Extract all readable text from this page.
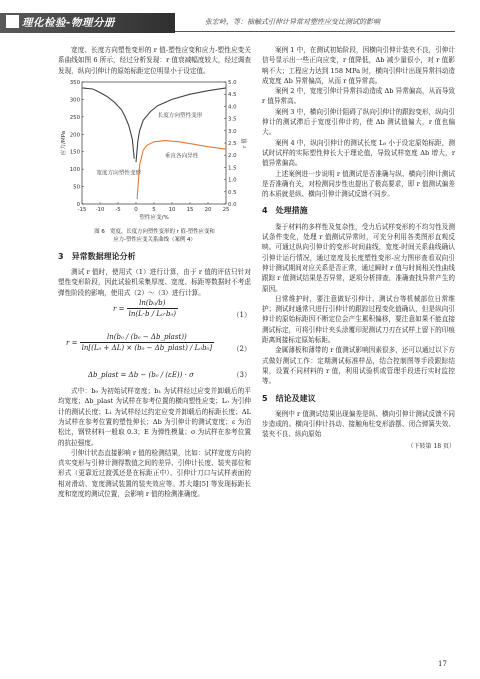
理化检验-物理分册	张宏岭，等：抽触式引伸计异常对塑性应变比测试的影响

宽度、长度方向塑性变形的 r 值-塑性应变和应力-塑性应变关系曲线如图 6 所示，经过分析发现：r 值衰减幅度较大，经过调查发现，纵向引伸计的原始标距定位明显小于设定值。

-15 -10 -5	0	5 10 15 20 25
0
50
100
150
200
250
300
350
0.0
0.5
1.0
1.5
2.0
2.5
3.0
3.5
4.0
4.5
5.0
塑性应变/%
应力/MPa	r 值
宽度方向塑性变形
长度方向塑性变形
垂直各向异性

图 6　宽度、长度方向塑性变形的 r 值-塑性应变和
应力-塑性应变关系曲线（案例 4）

3　异常数据理论分析

测试 r 值时，使用式（1）进行计算，由于 r 值的评估只针对塑性变形阶段，因此试验机采集厚度、宽度、标距等数据时不考虑弹性阶段的影响，使用式（2）～（3）进行计算。

$r = \frac{\text{ln(b₀/b)}}{\text{ln(L·b / L₀·b₀)}}$	（1）
$r = \frac{\text{ln(b₀ / (b₀ − Δb\_plast))}}{\text{ln[(L₀ + ΔL) × (b₀ − Δb\_plast) / L₀b₀]}}$	（2）
Δb_plast = Δb − (b₀ / (εE)) · σ	（3）

式中：b₀ 为初始试样宽度；b₁ 为试样经过应变并卸载后的平均宽度；Δb_plast 为试样在参考位置的横向塑性应变；L₀ 为引伸计的测试长度；L₁ 为试样经过约定应变并卸载后的标距长度；ΔL 为试样在参考位置的塑性伸长；Δb 为引伸计的测试宽度；ε 为泊松比，钢铁材料一般取 0.3；E 为弹性模量；σ 为试样在参考位置的抗拉强度。

引伸计状态直接影响 r 值的检测结果，比如：试样宽度方向的真实变形与引伸计测得数值之间的差异、引伸计长度、装夹部位和形式（更靠近过渡弧还是在标距正中）、引伸计刀口与试样表面的相对滑动、宽度测试装置的装夹效应等。苏大雄[5] 等发现标距长度和宽度的测试位置，会影响 r 值的检测准确度。

案例 1 中，在测试初始阶段，因横向引伸计装夹不良，引伸计信号显示出一些正向应变，r 值降低，Δb 减少量很小，对 r 值影响不大；工程应力达到 158 MPa 时，横向引伸计出现异常抖动造成宽度 Δb 异常偏高，从而 r 值异常高。

案例 2 中，宽度引伸计异常抖动造成 Δb 异常偏高，从而导致 r 值异常高。

案例 3 中，横向引伸计阻碍了纵向引伸计的跟踪变形，纵向引伸计的测试滞后于宽度引伸计的，使 Δb 测试值偏大，r 值也偏大。

案例 4 中，纵向引伸计的测试长度 L₀ 小于设定原始标距，测试时试样的实际塑性伸长大于理论值，导致试样宽度 Δb 增大，r 值异常偏高。

上述案例进一步说明 r 值测试是否准确与纵、横向引伸计测试是否准确有关，对检测同步性也提出了极高要求，即 r 值测试偏差的本质就是纵、横向引伸计测试反馈不同步。

4　处理措施

鉴于材料的多样性及复杂性，受力后试样变形的不均匀性及测试条件变化，处理 r 值测试异常时，可充分利用各类图形直观反映。可通过纵向引伸计的变形-时间曲线，宽度-时间关系曲线确认引伸计运行情况，通过宽度及长度塑性变形-应力图形查看双向引伸计测试期间对应关系是否正常，通过瞬时 r 值与时间相关性曲线跟踪 r 值测试结果是否异常，逐项分析排查，准确查找异常产生的原因。

日常维护时，要注意做好引伸计、测试台等机械部位日常维护；测试时通常只进行引伸计的跟踪过程变化值确认，但是纵向引伸计的原始标距因不断定位会产生累积偏移，要注意如果不能直接测试标定，可将引伸计夹头涂覆印泥测试刀刃在试样上留下的印痕距离间接标定原始标距。

金属薄板和薄带的 r 值测试影响因素很多，还可以通过以下方式做好测试工作：定期测试标准样品，结合控制图等手段跟踪结果，设置不同材料的 r 值，利用试验机或管理手段进行实时监控等。

5　结论及建议

案例中 r 值测试结果出现偏差是纵、横向引伸计测试反馈不同步造成的。横向引伸计抖动、接触角柱变形游摆、闭合弹簧失效、装夹不良、纵向原始

（下转第 18 页）

17
